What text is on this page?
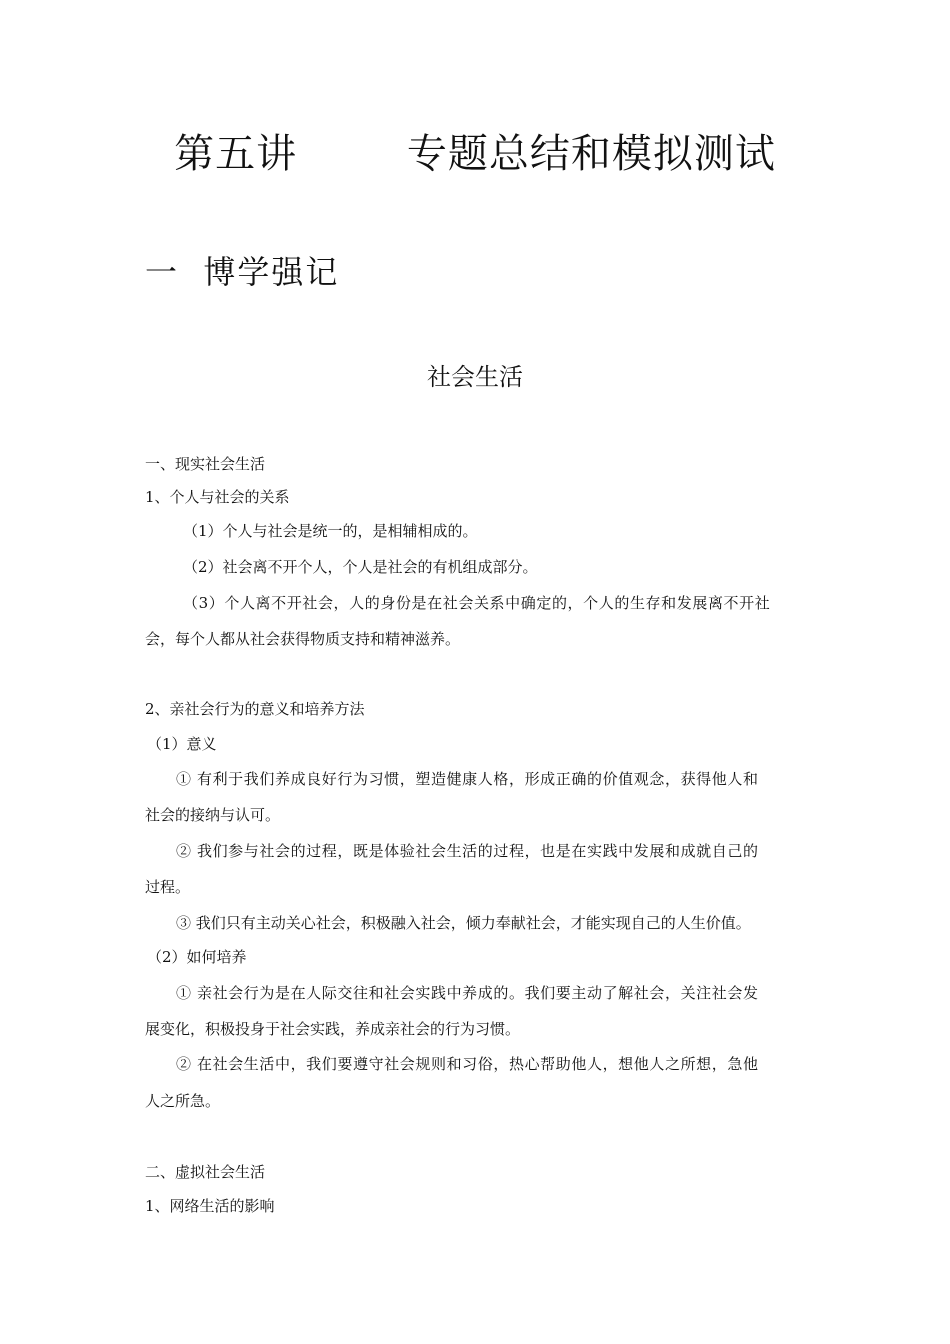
第五讲        专题总结和模拟测试
一  博学强记
社会生活
一、现实社会生活
1、个人与社会的关系
（1）个人与社会是统一的，是相辅相成的。
（2）社会离不开个人，个人是社会的有机组成部分。
（3）个人离不开社会，人的身份是在社会关系中确定的，个人的生存和发展离不开社
会，每个人都从社会获得物质支持和精神滋养。
2、亲社会行为的意义和培养方法
（1）意义
① 有利于我们养成良好行为习惯，塑造健康人格，形成正确的价值观念，获得他人和
社会的接纳与认可。
② 我们参与社会的过程，既是体验社会生活的过程，也是在实践中发展和成就自己的
过程。
③ 我们只有主动关心社会，积极融入社会，倾力奉献社会，才能实现自己的人生价值。
（2）如何培养
① 亲社会行为是在人际交往和社会实践中养成的。我们要主动了解社会，关注社会发
展变化，积极投身于社会实践，养成亲社会的行为习惯。
② 在社会生活中，我们要遵守社会规则和习俗，热心帮助他人，想他人之所想，急他
人之所急。
二、虚拟社会生活
1、网络生活的影响
